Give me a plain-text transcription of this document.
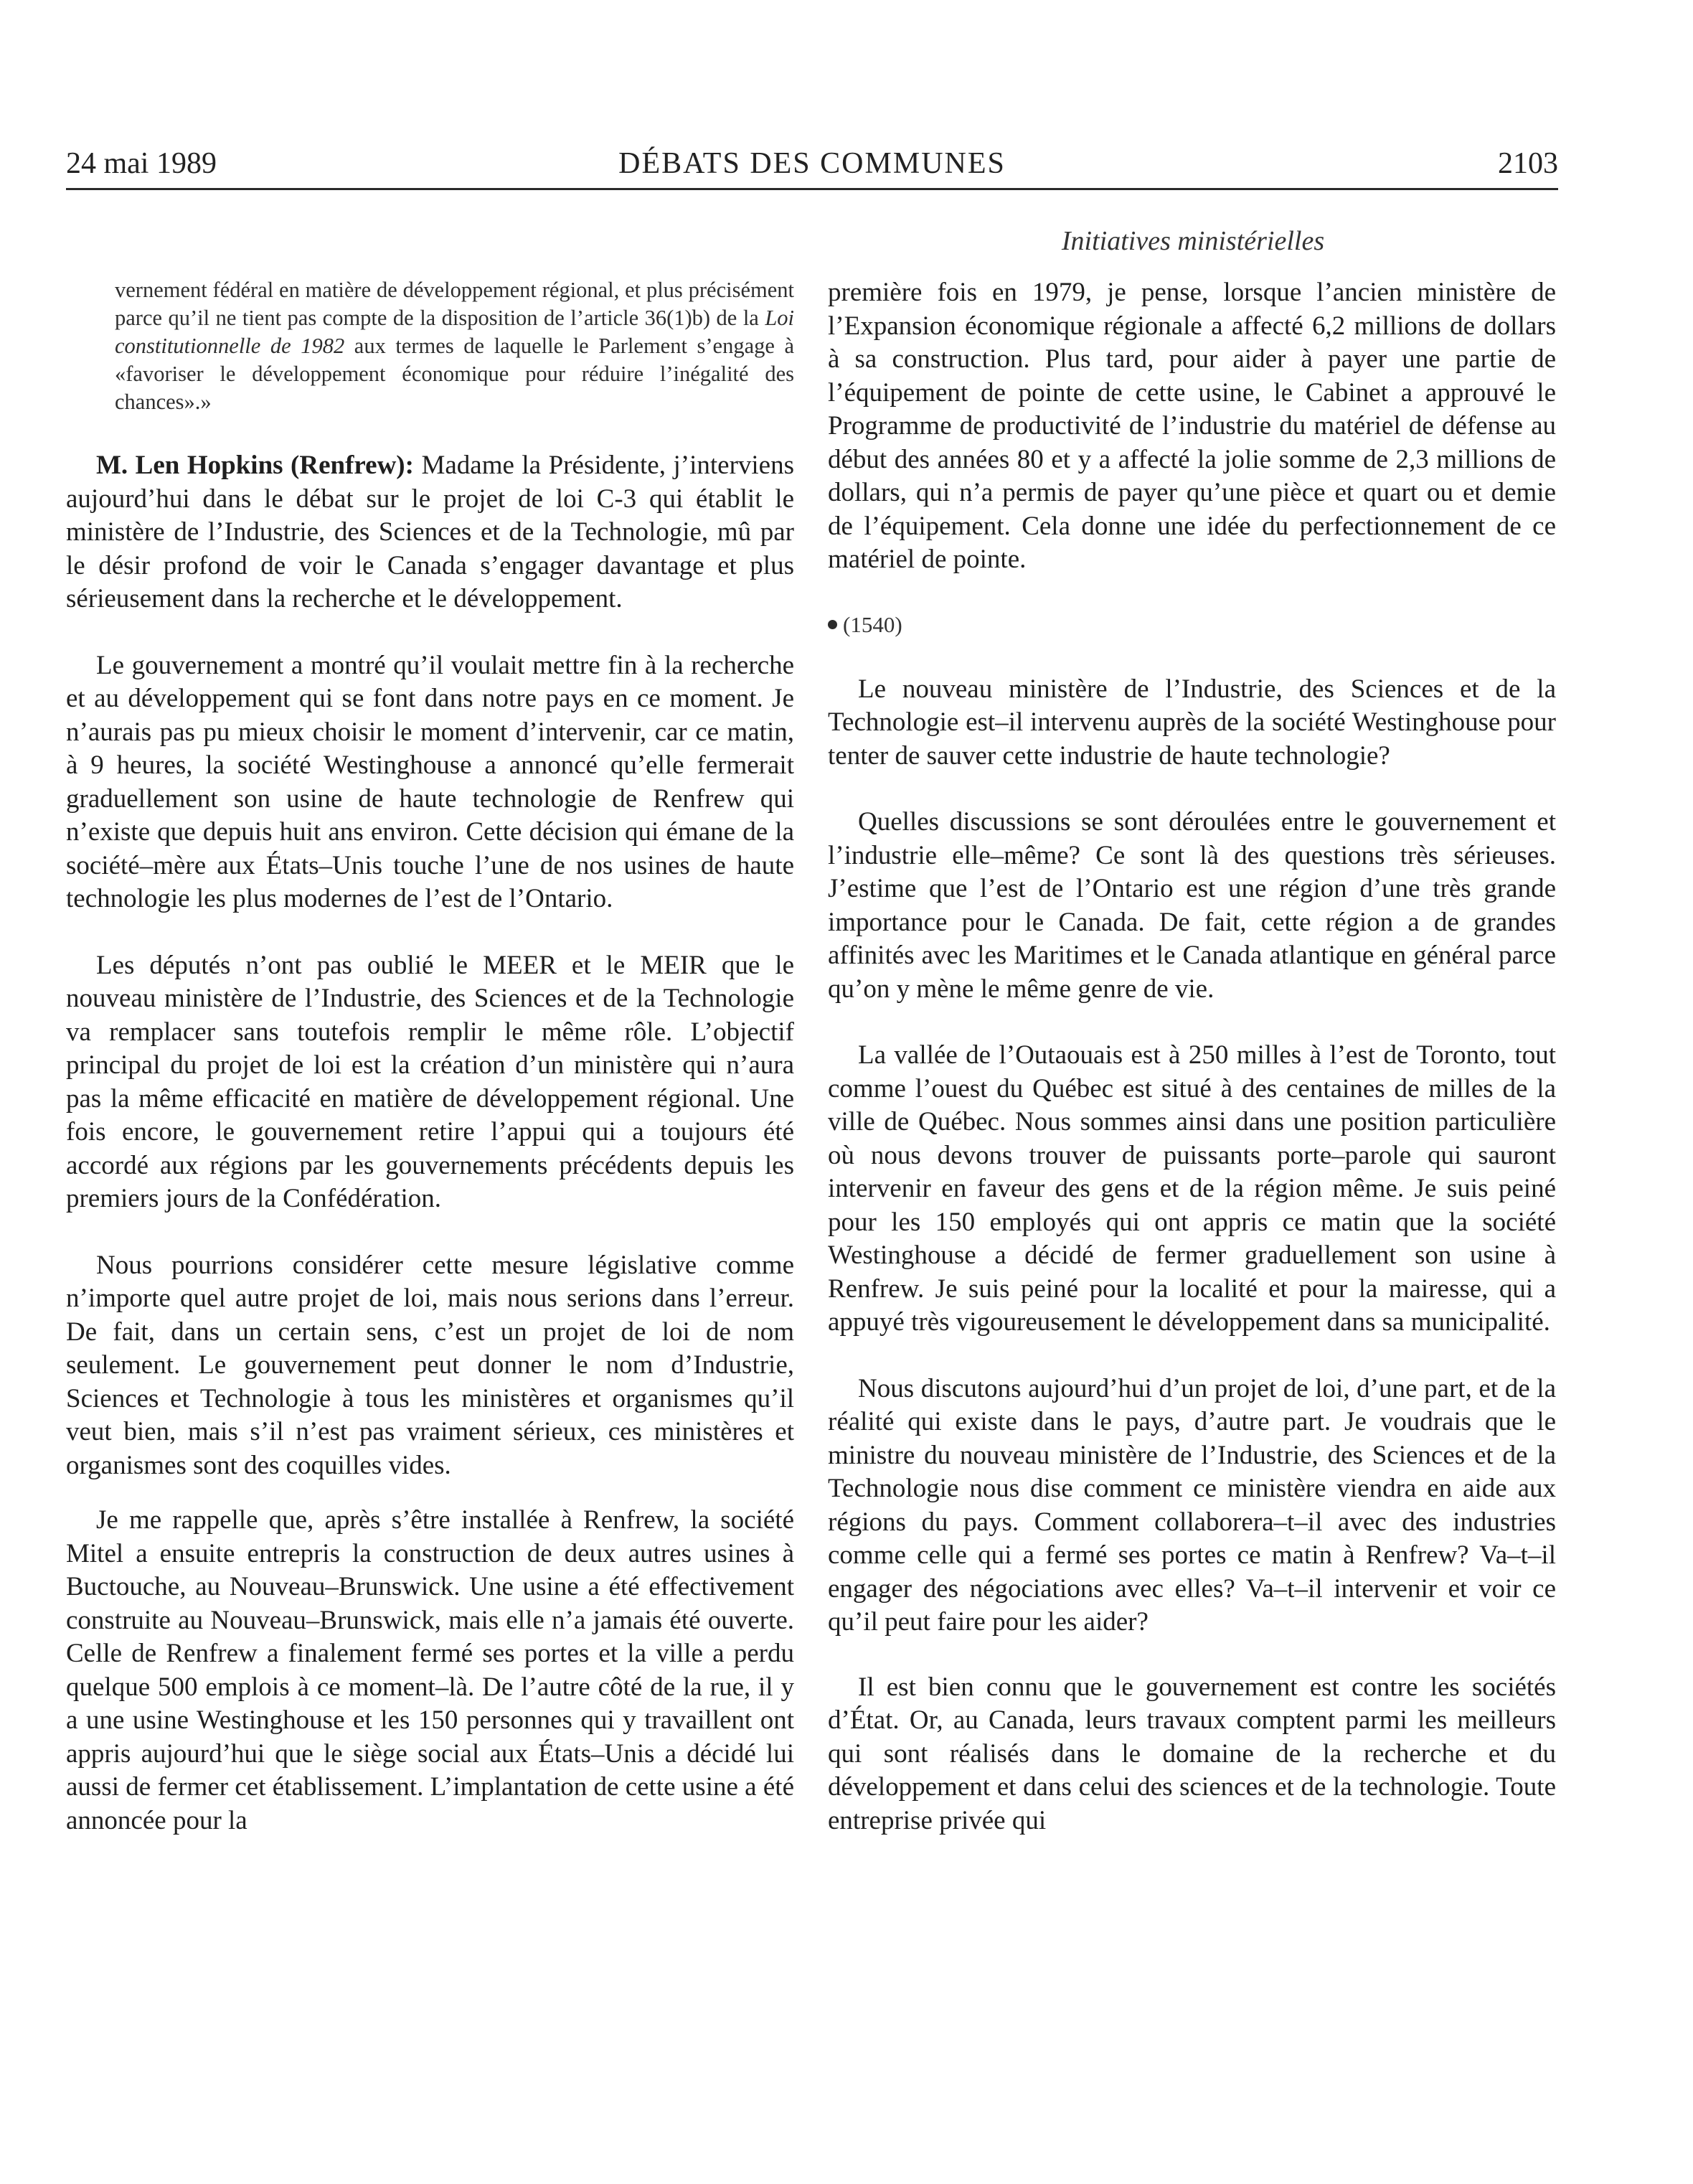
DÉBATS DES COMMUNES
24 mai 1989	2103
Initiatives ministérielles

vernement fédéral en matière de développement régional, et plus précisément parce qu’il ne tient pas compte de la disposition de l’article 36(1)b) de la Loi constitutionnelle de 1982 aux termes de laquelle le Parlement s’engage à «favoriser le développement économique pour réduire l’inégalité des chances».»

M. Len Hopkins (Renfrew): Madame la Présidente, j’interviens aujourd’hui dans le débat sur le projet de loi C-3 qui établit le ministère de l’Industrie, des Sciences et de la Technologie, mû par le désir profond de voir le Canada s’engager davantage et plus sérieusement dans la recherche et le développement.

Le gouvernement a montré qu’il voulait mettre fin à la recherche et au développement qui se font dans notre pays en ce moment. Je n’aurais pas pu mieux choisir le moment d’intervenir, car ce matin, à 9 heures, la société Westinghouse a annoncé qu’elle fermerait graduellement son usine de haute technologie de Renfrew qui n’existe que depuis huit ans environ. Cette décision qui émane de la société–mère aux États–Unis touche l’une de nos usines de haute technologie les plus modernes de l’est de l’Ontario.

Les députés n’ont pas oublié le MEER et le MEIR que le nouveau ministère de l’Industrie, des Sciences et de la Technologie va remplacer sans toutefois remplir le même rôle. L’objectif principal du projet de loi est la création d’un ministère qui n’aura pas la même efficacité en matière de développement régional. Une fois encore, le gouvernement retire l’appui qui a toujours été accordé aux régions par les gouvernements précédents depuis les premiers jours de la Confédération.

Nous pourrions considérer cette mesure législative comme n’importe quel autre projet de loi, mais nous serions dans l’erreur. De fait, dans un certain sens, c’est un projet de loi de nom seulement. Le gouvernement peut donner le nom d’Industrie, Sciences et Technologie à tous les ministères et organismes qu’il veut bien, mais s’il n’est pas vraiment sérieux, ces ministères et organismes sont des coquilles vides.

Je me rappelle que, après s’être installée à Renfrew, la société Mitel a ensuite entrepris la construction de deux autres usines à Buctouche, au Nouveau–Brunswick. Une usine a été effectivement construite au Nouveau–Brunswick, mais elle n’a jamais été ouverte. Celle de Renfrew a finalement fermé ses portes et la ville a perdu quelque 500 emplois à ce moment–là. De l’autre côté de la rue, il y a une usine Westinghouse et les 150 personnes qui y travaillent ont appris aujourd’hui que le siège social aux États–Unis a décidé lui aussi de fermer cet établissement. L’implantation de cette usine a été annoncée pour la

première fois en 1979, je pense, lorsque l’ancien ministère de l’Expansion économique régionale a affecté 6,2 millions de dollars à sa construction. Plus tard, pour aider à payer une partie de l’équipement de pointe de cette usine, le Cabinet a approuvé le Programme de productivité de l’industrie du matériel de défense au début des années 80 et y a affecté la jolie somme de 2,3 millions de dollars, qui n’a permis de payer qu’une pièce et quart ou et demie de l’équipement. Cela donne une idée du perfectionnement de ce matériel de pointe.

(1540)

Le nouveau ministère de l’Industrie, des Sciences et de la Technologie est–il intervenu auprès de la société Westinghouse pour tenter de sauver cette industrie de haute technologie?

Quelles discussions se sont déroulées entre le gouvernement et l’industrie elle–même? Ce sont là des questions très sérieuses. J’estime que l’est de l’Ontario est une région d’une très grande importance pour le Canada. De fait, cette région a de grandes affinités avec les Maritimes et le Canada atlantique en général parce qu’on y mène le même genre de vie.

La vallée de l’Outaouais est à 250 milles à l’est de Toronto, tout comme l’ouest du Québec est situé à des centaines de milles de la ville de Québec. Nous sommes ainsi dans une position particulière où nous devons trouver de puissants porte–parole qui sauront intervenir en faveur des gens et de la région même. Je suis peiné pour les 150 employés qui ont appris ce matin que la société Westinghouse a décidé de fermer graduellement son usine à Renfrew. Je suis peiné pour la localité et pour la mairesse, qui a appuyé très vigoureusement le développement dans sa municipalité.

Nous discutons aujourd’hui d’un projet de loi, d’une part, et de la réalité qui existe dans le pays, d’autre part. Je voudrais que le ministre du nouveau ministère de l’Industrie, des Sciences et de la Technologie nous dise comment ce ministère viendra en aide aux régions du pays. Comment collaborera–t–il avec des industries comme celle qui a fermé ses portes ce matin à Renfrew? Va–t–il engager des négociations avec elles? Va–t–il intervenir et voir ce qu’il peut faire pour les aider?

Il est bien connu que le gouvernement est contre les sociétés d’État. Or, au Canada, leurs travaux comptent parmi les meilleurs qui sont réalisés dans le domaine de la recherche et du développement et dans celui des sciences et de la technologie. Toute entreprise privée qui
